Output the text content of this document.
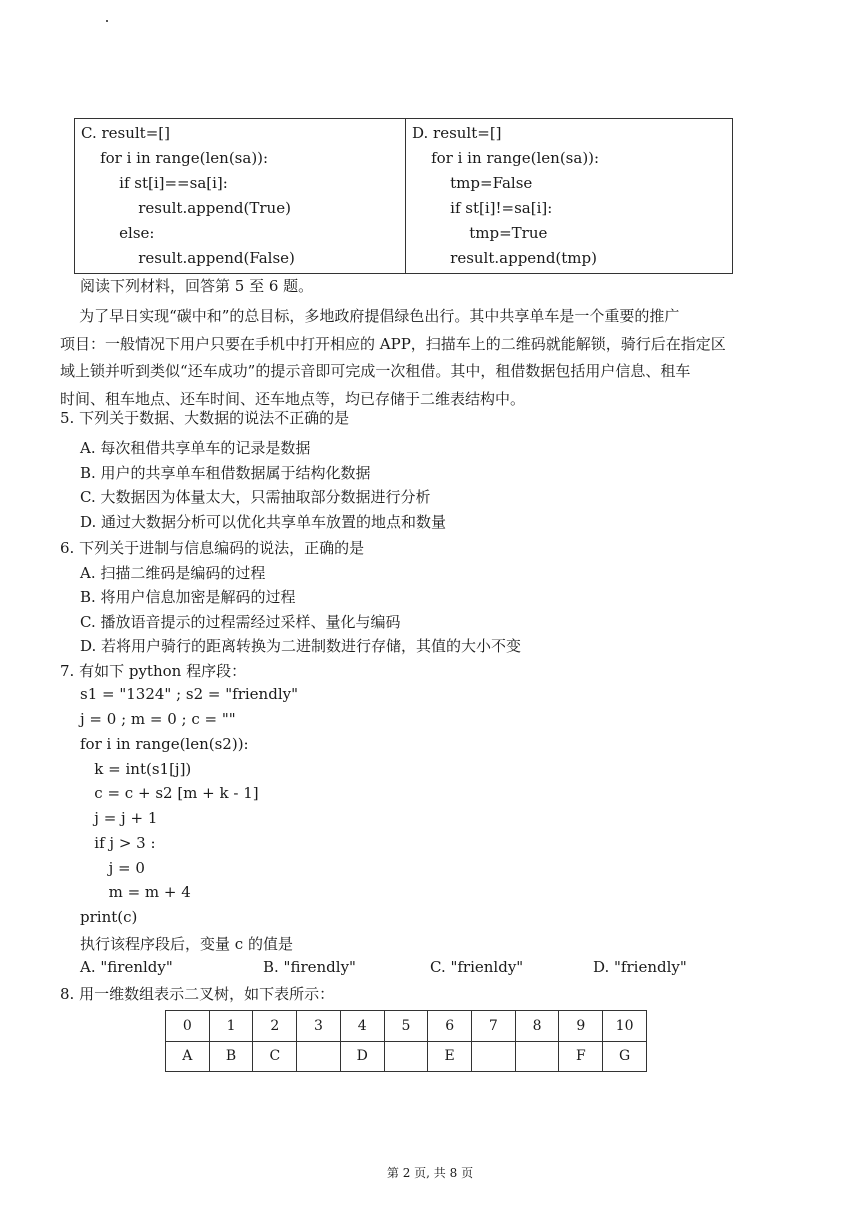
C. result=[]
for i in range(len(sa)):
if st[i]==sa[i]:
result.append(True)
else:
result.append(False)

D. result=[]
for i in range(len(sa)):
tmp=False
if st[i]!=sa[i]:
tmp=True
result.append(tmp)
阅读下列材料，回答第 5 至 6 题。
为了早日实现“碳中和”的总目标，多地政府提倡绿色出行。其中共享单车是一个重要的推广
项目：一般情况下用户只要在手机中打开相应的 APP，扫描车上的二维码就能解锁，骑行后在指定区
域上锁并听到类似“还车成功”的提示音即可完成一次租借。其中，租借数据包括用户信息、租车
时间、租车地点、还车时间、还车地点等，均已存储于二维表结构中。
5. 下列关于数据、大数据的说法不正确的是
A. 每次租借共享单车的记录是数据
B. 用户的共享单车租借数据属于结构化数据
C. 大数据因为体量太大，只需抽取部分数据进行分析
D. 通过大数据分析可以优化共享单车放置的地点和数量
6. 下列关于进制与信息编码的说法，正确的是
A. 扫描二维码是编码的过程
B. 将用户信息加密是解码的过程
C. 播放语音提示的过程需经过采样、量化与编码
D. 若将用户骑行的距离转换为二进制数进行存储，其值的大小不变
7. 有如下 python 程序段：
s1 = "1324" ; s2 = "friendly"
j = 0 ; m = 0 ; c = ""
for i in range(len(s2)):
k = int(s1[j])
c = c + s2 [m + k - 1]
j = j + 1
if j > 3 :
j = 0
m = m + 4
print(c)
执行该程序段后，变量 c 的值是
A. "firenldy"	B. "firendly"	C. "frienldy"	D. "friendly"
8. 用一维数组表示二叉树，如下表所示：
0	1	2	3	4	5	6	7	8	9	10
A	B	C		D		E			F	G
第 2 页, 共 8 页
